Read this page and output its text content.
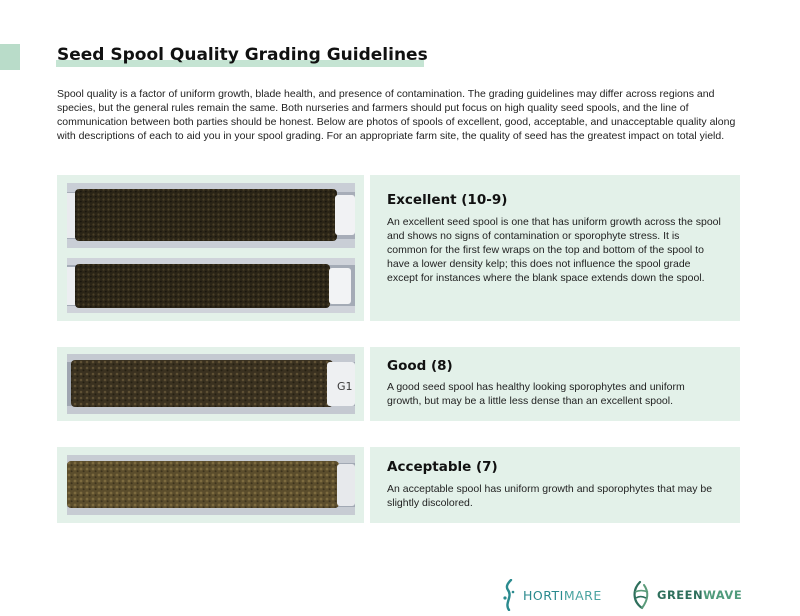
Seed Spool Quality Grading Guidelines

Spool quality is a factor of uniform growth, blade health, and presence of contamination. The grading guidelines may differ across regions and species, but the general rules remain the same. Both nurseries and farmers should put focus on high quality seed spools, and the line of communication between both parties should be honest. Below are photos of spools of excellent, good, acceptable, and unacceptable quality along with descriptions of each to aid you in your spool grading. For an appropriate farm site, the quality of seed has the greatest impact on total yield.

Excellent (10-9)

An excellent seed spool is one that has uniform growth across the spool and shows no signs of contamination or sporophyte stress. It is common for the first few wraps on the top and bottom of the spool to have a lower density kelp; this does not influence the spool grade except for instances where the blank space extends down the spool.

G1
Good (8)

A good seed spool has healthy looking sporophytes and uniform growth, but may be a little less dense than an excellent spool.

Acceptable (7)

An acceptable spool has uniform growth and sporophytes that may be slightly discolored.

HORTIMARE	GREENWAVE
